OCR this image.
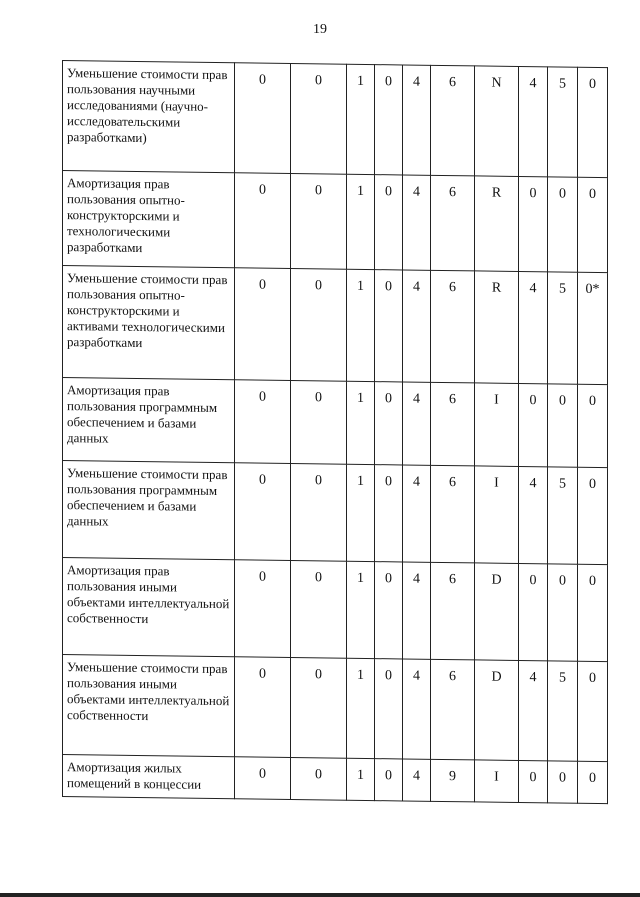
19
Уменьшение стоимости прав пользования научными исследованиями (научно-исследовательскими разработками)	0	0	1	0	4	6	N	4	5	0
Амортизация прав пользования опытно-конструкторскими и технологическими разработками	0	0	1	0	4	6	R	0	0	0
Уменьшение стоимости прав пользования опытно-конструкторскими и активами технологическими разработками	0	0	1	0	4	6	R	4	5	0*
Амортизация прав пользования программным обеспечением и базами данных	0	0	1	0	4	6	I	0	0	0
Уменьшение стоимости прав пользования программным обеспечением и базами данных	0	0	1	0	4	6	I	4	5	0
Амортизация прав пользования иными объектами интеллектуальной собственности	0	0	1	0	4	6	D	0	0	0
Уменьшение стоимости прав пользования иными объектами интеллектуальной собственности	0	0	1	0	4	6	D	4	5	0
Амортизация жилых помещений в концессии	0	0	1	0	4	9	I	0	0	0
